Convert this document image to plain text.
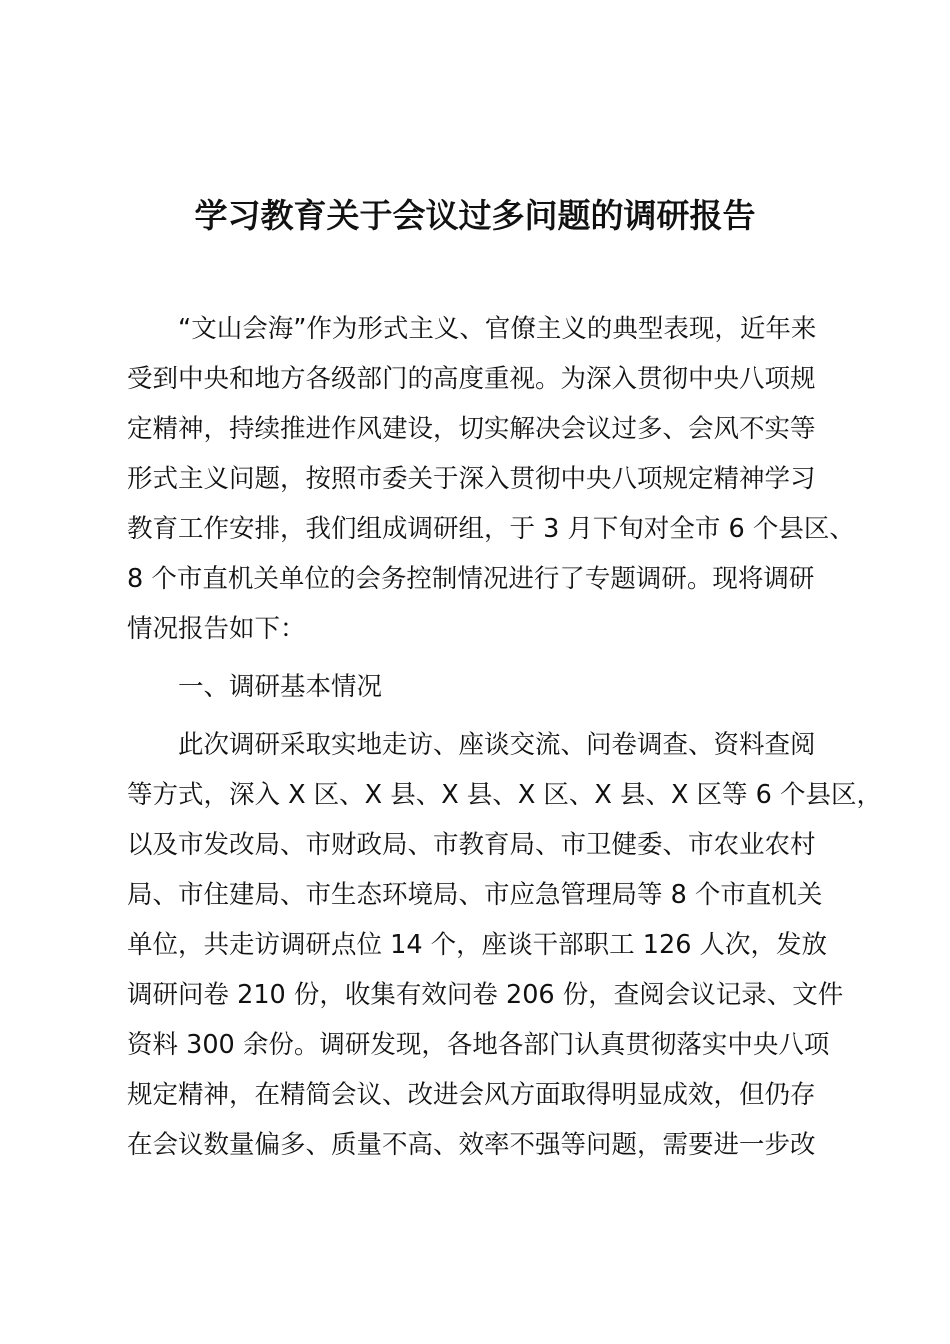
学习教育关于会议过多问题的调研报告
　　“文山会海”作为形式主义、官僚主义的典型表现，近年来
受到中央和地方各级部门的高度重视。为深入贯彻中央八项规
定精神，持续推进作风建设，切实解决会议过多、会风不实等
形式主义问题，按照市委关于深入贯彻中央八项规定精神学习
教育工作安排，我们组成调研组，于 3 月下旬对全市 6 个县区、
8 个市直机关单位的会务控制情况进行了专题调研。现将调研
情况报告如下：
　　一、调研基本情况
　　此次调研采取实地走访、座谈交流、问卷调查、资料查阅
等方式，深入 X 区、X 县、X 县、X 区、X 县、X 区等 6 个县区，
以及市发改局、市财政局、市教育局、市卫健委、市农业农村
局、市住建局、市生态环境局、市应急管理局等 8 个市直机关
单位，共走访调研点位 14 个，座谈干部职工 126 人次，发放
调研问卷 210 份，收集有效问卷 206 份，查阅会议记录、文件
资料 300 余份。调研发现，各地各部门认真贯彻落实中央八项
规定精神，在精简会议、改进会风方面取得明显成效，但仍存
在会议数量偏多、质量不高、效率不强等问题，需要进一步改
